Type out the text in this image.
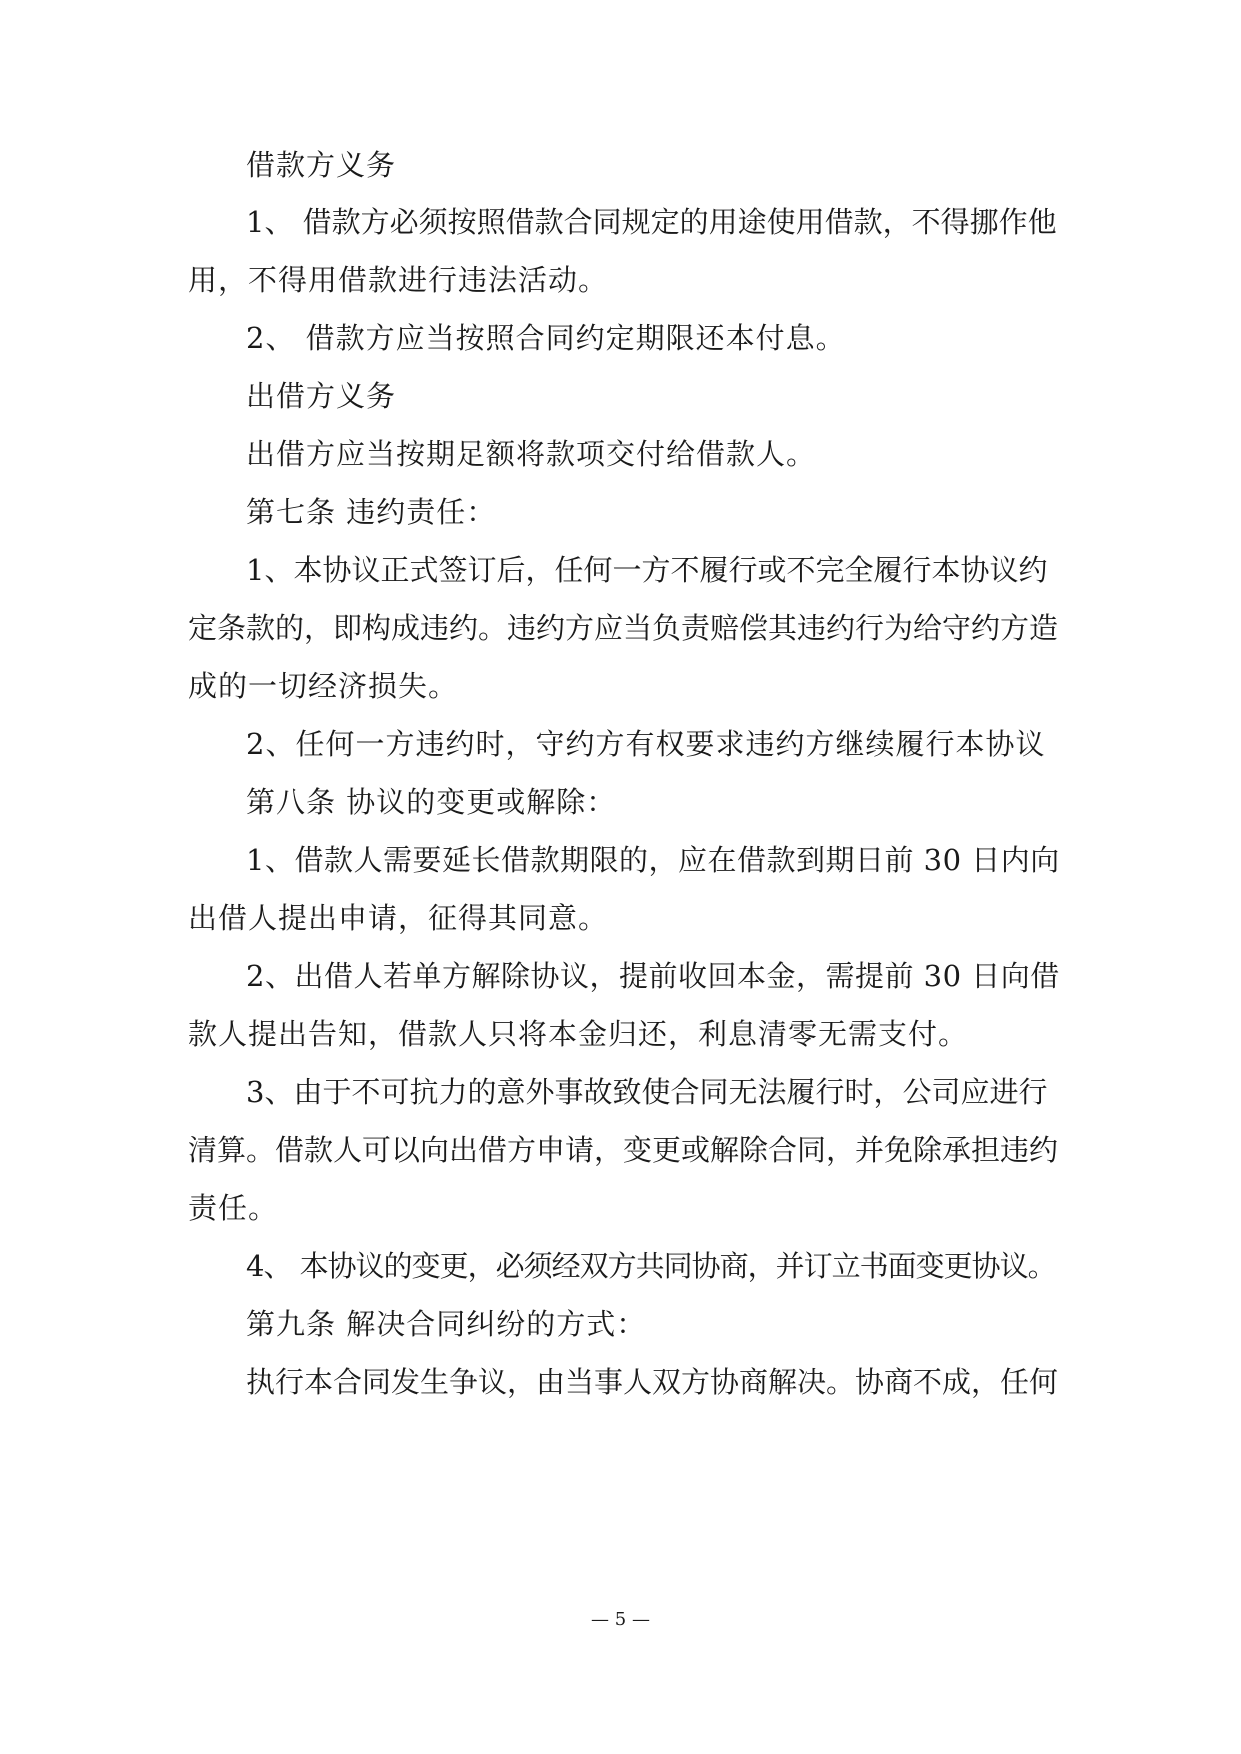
借款方义务
1、 借款方必须按照借款合同规定的用途使用借款，不得挪作他
用，不得用借款进行违法活动。
2、 借款方应当按照合同约定期限还本付息。
出借方义务
出借方应当按期足额将款项交付给借款人。
第七条 违约责任：
1、本协议正式签订后，任何一方不履行或不完全履行本协议约
定条款的，即构成违约。违约方应当负责赔偿其违约行为给守约方造
成的一切经济损失。
2、任何一方违约时，守约方有权要求违约方继续履行本协议
第八条 协议的变更或解除：
1、借款人需要延长借款期限的，应在借款到期日前 30 日内向
出借人提出申请，征得其同意。
2、出借人若单方解除协议，提前收回本金，需提前 30 日向借
款人提出告知，借款人只将本金归还，利息清零无需支付。
3、由于不可抗力的意外事故致使合同无法履行时，公司应进行
清算。借款人可以向出借方申请，变更或解除合同，并免除承担违约
责任。
4、 本协议的变更，必须经双方共同协商，并订立书面变更协议。
第九条 解决合同纠纷的方式：
执行本合同发生争议，由当事人双方协商解决。协商不成，任何
— 5 —
